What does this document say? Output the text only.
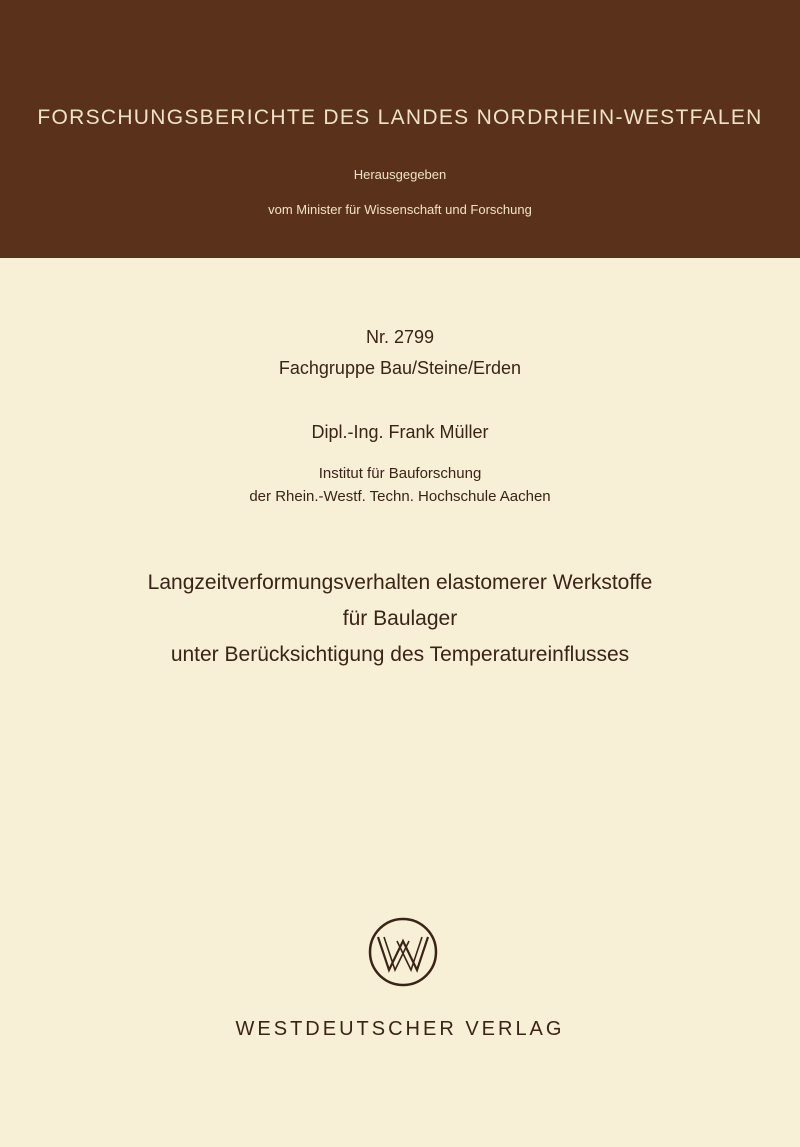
FORSCHUNGSBERICHTE DES LANDES NORDRHEIN-WESTFALEN
Herausgegeben
vom Minister für Wissenschaft und Forschung
Nr. 2799
Fachgruppe Bau/Steine/Erden
Dipl.-Ing. Frank Müller
Institut für Bauforschung
der Rhein.-Westf. Techn. Hochschule Aachen
Langzeitverformungsverhalten elastomerer Werkstoffe
für Baulager
unter Berücksichtigung des Temperatureinflusses
WESTDEUTSCHER VERLAG
